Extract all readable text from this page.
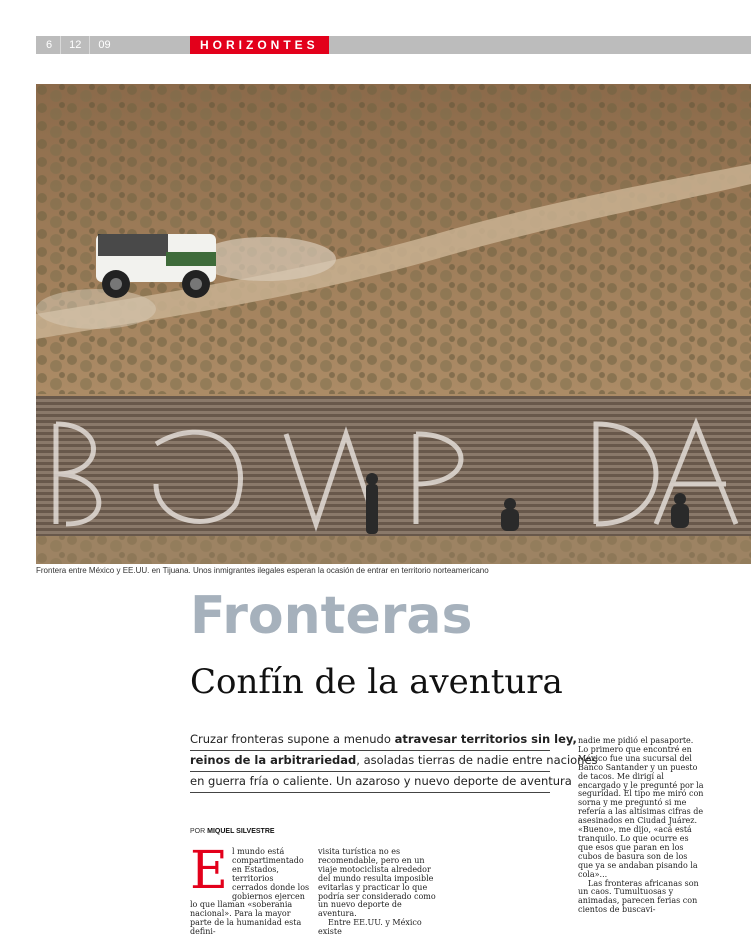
6	12	09	HORIZONTES
Frontera entre México y EE.UU. en Tijuana. Unos inmigrantes ilegales esperan la ocasión de entrar en territorio norteamericano
Fronteras
Confín de la aventura
Cruzar fronteras supone a menudo atravesar territorios sin ley,
reinos de la arbitrariedad, asoladas tierras de nadie entre naciones
en guerra fría o caliente. Un azaroso y nuevo deporte de aventura
POR MIQUEL SILVESTRE
E l mundo está compartimentado en Estados, territorios cerrados donde los gobiernos ejercen lo que llaman «soberania nacional». Para la mayor parte de la humanidad esta defini-

visita turística no es recomendable, pero en un viaje motociclista alrededor del mundo resulta imposible evitarlas y practicar lo que podría ser considerado como un nuevo deporte de aventura.

Entre EE.UU. y México existe

nadie me pidió el pasaporte. Lo primero que encontré en México fue una sucursal del Banco Santander y un puesto de tacos. Me dirigí al encargado y le pregunté por la seguridad. El tipo me miró con sorna y me preguntó si me refería a las altísimas cifras de asesinados en Ciudad Juárez. «Bueno», me dijo, «acá está tranquilo. Lo que ocurre es que esos que paran en los cubos de basura son de los que ya se andaban pisando la cola»...

Las fronteras africanas son un caos. Tumultuosas y animadas, parecen ferias con cientos de buscavi-
